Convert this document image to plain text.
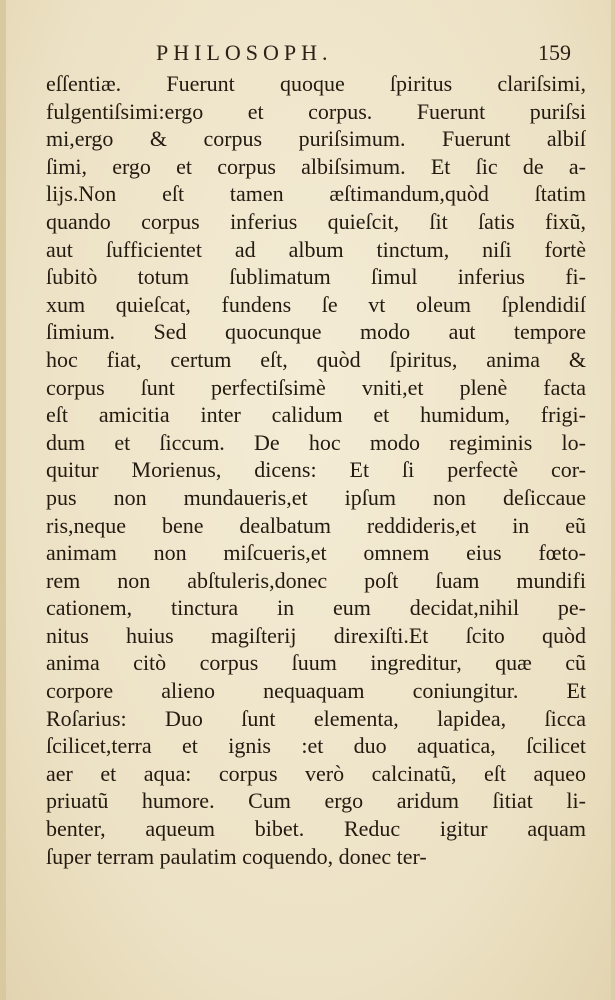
PHILOSOPH.	159
eſſentiæ. Fuerunt quoque ſpiritus clariſsimi,
fulgentiſsimi:ergo et corpus. Fuerunt puriſsi
mi,ergo & corpus puriſsimum. Fuerunt albiſ
ſimi, ergo et corpus albiſsimum. Et ſic de a-
lijs.Non eſt tamen æſtimandum,quòd ſtatim
quando corpus inferius quieſcit, ſit ſatis fixũ,
aut ſufficientet ad album tinctum, niſi fortè
ſubitò totum ſublimatum ſimul inferius fi-
xum quieſcat, fundens ſe vt oleum ſplendidiſ
ſimium. Sed quocunque modo aut tempore
hoc fiat, certum eſt, quòd ſpiritus, anima &
corpus ſunt perfectiſsimè vniti,et plenè facta
eſt amicitia inter calidum et humidum, frigi-
dum et ſiccum. De hoc modo regiminis lo-
quitur Morienus, dicens: Et ſi perfectè cor-
pus non mundaueris,et ipſum non deſiccaue
ris,neque bene dealbatum reddideris,et in eũ
animam non miſcueris,et omnem eius fœto-
rem non abſtuleris,donec poſt ſuam mundifi
cationem, tinctura in eum decidat,nihil pe-
nitus huius magiſterij direxiſti.Et ſcito quòd
anima citò corpus ſuum ingreditur, quæ cũ
corpore alieno nequaquam coniungitur. Et
Roſarius: Duo ſunt elementa, lapidea, ſicca
ſcilicet,terra et ignis :et duo aquatica, ſcilicet
aer et aqua: corpus verò calcinatũ, eſt aqueo
priuatũ humore. Cum ergo aridum ſitiat li-
benter, aqueum bibet. Reduc igitur aquam
ſuper terram paulatim coquendo, donec ter-
